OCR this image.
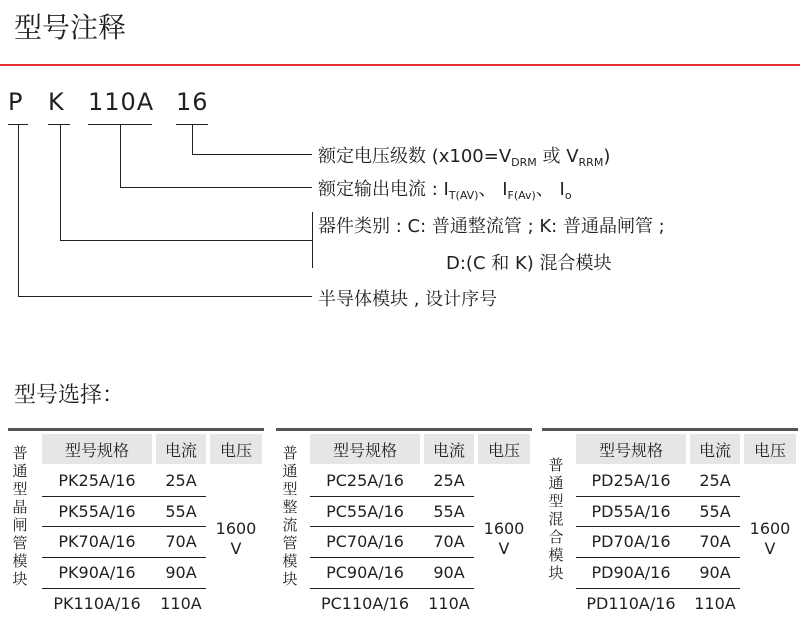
型号注释
P K 110A 16
额定电压级数 ($x100=V_{DRM}$ 或 $V_{RRM}$)
额定输出电流 : $I_{T(AV)}$、 $I_{F(Av)}$、 $I_o$
器件类别 : C: 普通整流管 ; K: 普通晶闸管 ;
D:(C 和 K) 混合模块
半导体模块 , 设计序号
型号选择：
普通型晶闸管模块
型号规格	电流	电压
PK25A/16	25A
PK55A/16	55A
PK70A/16	70A
PK90A/16	90A
PK110A/16	110A
1600
V
普通型整流管模块
型号规格	电流	电压
PC25A/16	25A
PC55A/16	55A
PC70A/16	70A
PC90A/16	90A
PC110A/16	110A
1600
V
普通型混合模块
型号规格	电流	电压
PD25A/16	25A
PD55A/16	55A
PD70A/16	70A
PD90A/16	90A
PD110A/16	110A
1600
V
